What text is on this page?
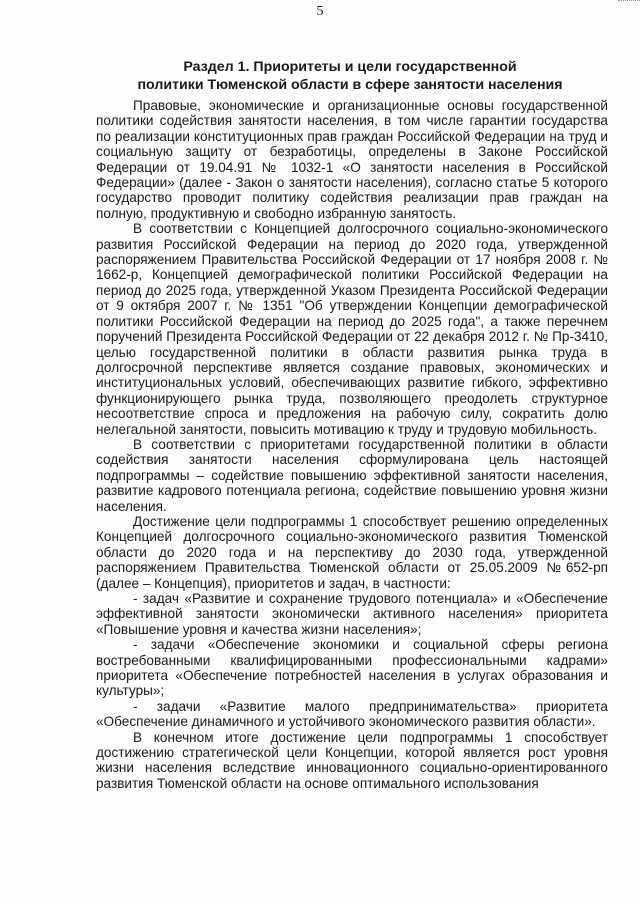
5
Раздел 1. Приоритеты и цели государственной
политики Тюменской области в сфере занятости населения

Правовые, экономические и организационные основы государственной политики содействия занятости населения, в том числе гарантии государства по реализации конституционных прав граждан Российской Федерации на труд и социальную защиту от безработицы, определены в Законе Российской Федерации от 19.04.91 № 1032-1 «О занятости населения в Российской Федерации» (далее - Закон о занятости населения), согласно статье 5 которого государство проводит политику содействия реализации прав граждан на полную, продуктивную и свободно избранную занятость.

В соответствии с Концепцией долгосрочного социально-экономического развития Российской Федерации на период до 2020 года, утвержденной распоряжением Правительства Российской Федерации от 17 ноября 2008 г. № 1662-р, Концепцией демографической политики Российской Федерации на период до 2025 года, утвержденной Указом Президента Российской Федерации от 9 октября 2007 г. № 1351 "Об утверждении Концепции демографической политики Российской Федерации на период до 2025 года", а также перечнем поручений Президента Российской Федерации от 22 декабря 2012 г. № Пр-3410, целью государственной политики в области развития рынка труда в долгосрочной перспективе является создание правовых, экономических и институциональных условий, обеспечивающих развитие гибкого, эффективно функционирующего рынка труда, позволяющего преодолеть структурное несоответствие спроса и предложения на рабочую силу, сократить долю нелегальной занятости, повысить мотивацию к труду и трудовую мобильность.

В соответствии с приоритетами государственной политики в области содействия занятости населения сформулирована цель настоящей подпрограммы – содействие повышению эффективной занятости населения, развитие кадрового потенциала региона, содействие повышению уровня жизни населения.

Достижение цели подпрограммы 1 способствует решению определенных Концепцией долгосрочного социально-экономического развития Тюменской области до 2020 года и на перспективу до 2030 года, утвержденной распоряжением Правительства Тюменской области от 25.05.2009 №652-рп (далее – Концепция), приоритетов и задач, в частности:

- задач «Развитие и сохранение трудового потенциала» и «Обеспечение эффективной занятости экономически активного населения» приоритета «Повышение уровня и качества жизни населения»;

- задачи «Обеспечение экономики и социальной сферы региона востребованными квалифицированными профессиональными кадрами» приоритета «Обеспечение потребностей населения в услугах образования и культуры»;

- задачи «Развитие малого предпринимательства» приоритета «Обеспечение динамичного и устойчивого экономического развития области».

В конечном итоге достижение цели подпрограммы 1 способствует достижению стратегической цели Концепции, которой является рост уровня жизни населения вследствие инновационного социально-ориентированного развития Тюменской области на основе оптимального использования
